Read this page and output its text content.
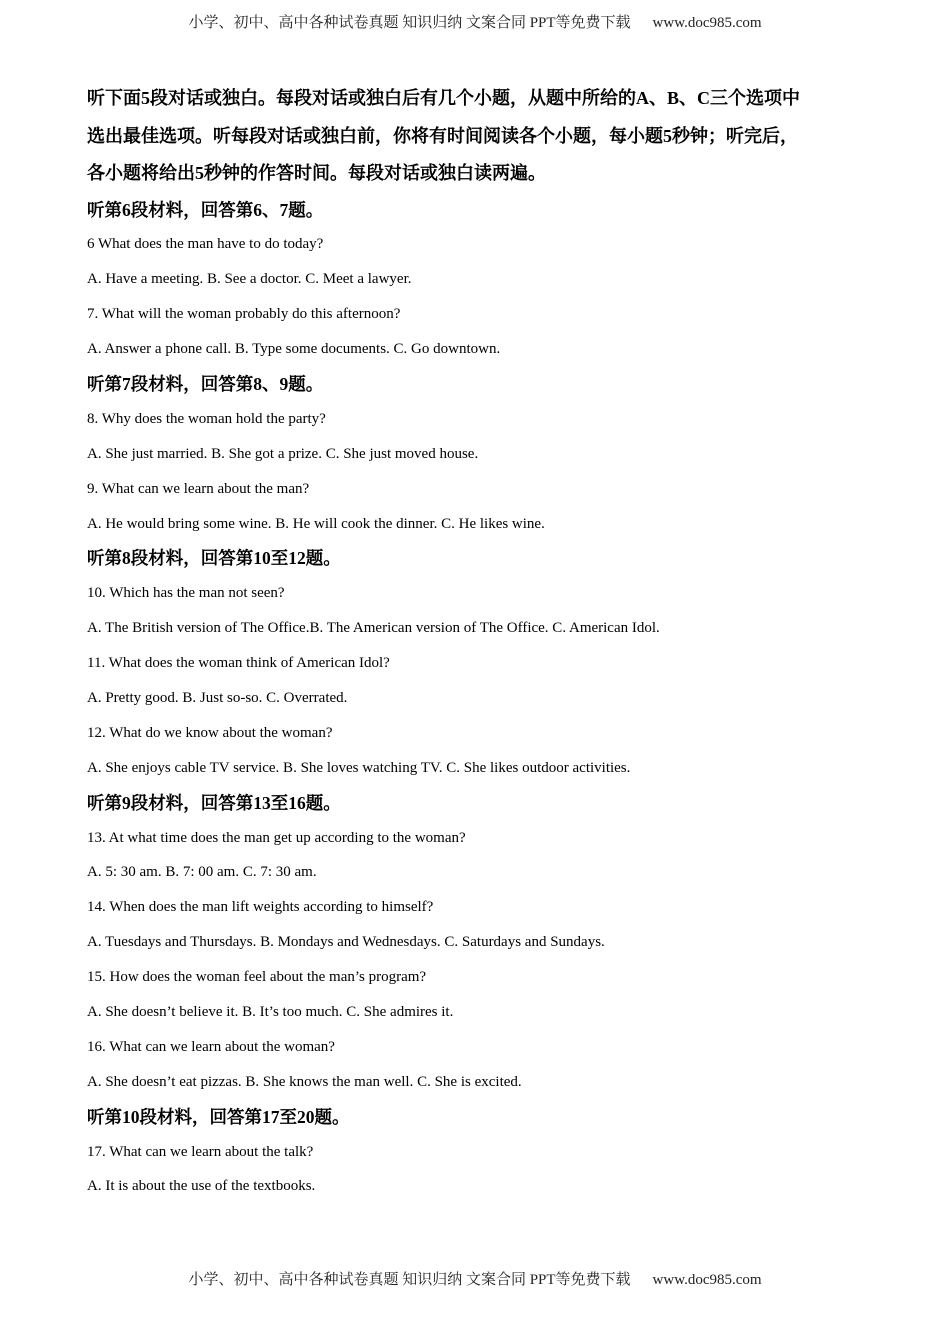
小学、初中、高中各种试卷真题 知识归纳 文案合同 PPT等免费下载 www.doc985.com
听下面5段对话或独白。每段对话或独白后有几个小题，从题中所给的A、B、C三个选项中
选出最佳选项。听每段对话或独白前，你将有时间阅读各个小题，每小题5秒钟；听完后，
各小题将给出5秒钟的作答时间。每段对话或独白读两遍。
听第6段材料，回答第6、7题。
6 What does the man have to do today?
A. Have a meeting. B. See a doctor. C. Meet a lawyer.
7. What will the woman probably do this afternoon?
A. Answer a phone call. B. Type some documents. C. Go downtown.
听第7段材料，回答第8、9题。
8. Why does the woman hold the party?
A. She just married. B. She got a prize. C. She just moved house.
9. What can we learn about the man?
A. He would bring some wine. B. He will cook the dinner. C. He likes wine.
听第8段材料，回答第10至12题。
10. Which has the man not seen?
A. The British version of The Office.B. The American version of The Office. C. American Idol.
11. What does the woman think of American Idol?
A. Pretty good. B. Just so-so. C. Overrated.
12. What do we know about the woman?
A. She enjoys cable TV service. B. She loves watching TV. C. She likes outdoor activities.
听第9段材料，回答第13至16题。
13. At what time does the man get up according to the woman?
A. 5: 30 am. B. 7: 00 am. C. 7: 30 am.
14. When does the man lift weights according to himself?
A. Tuesdays and Thursdays. B. Mondays and Wednesdays. C. Saturdays and Sundays.
15. How does the woman feel about the man’s program?
A. She doesn’t believe it. B. It’s too much. C. She admires it.
16. What can we learn about the woman?
A. She doesn’t eat pizzas. B. She knows the man well. C. She is excited.
听第10段材料，回答第17至20题。
17. What can we learn about the talk?
A. It is about the use of the textbooks.
小学、初中、高中各种试卷真题 知识归纳 文案合同 PPT等免费下载 www.doc985.com
